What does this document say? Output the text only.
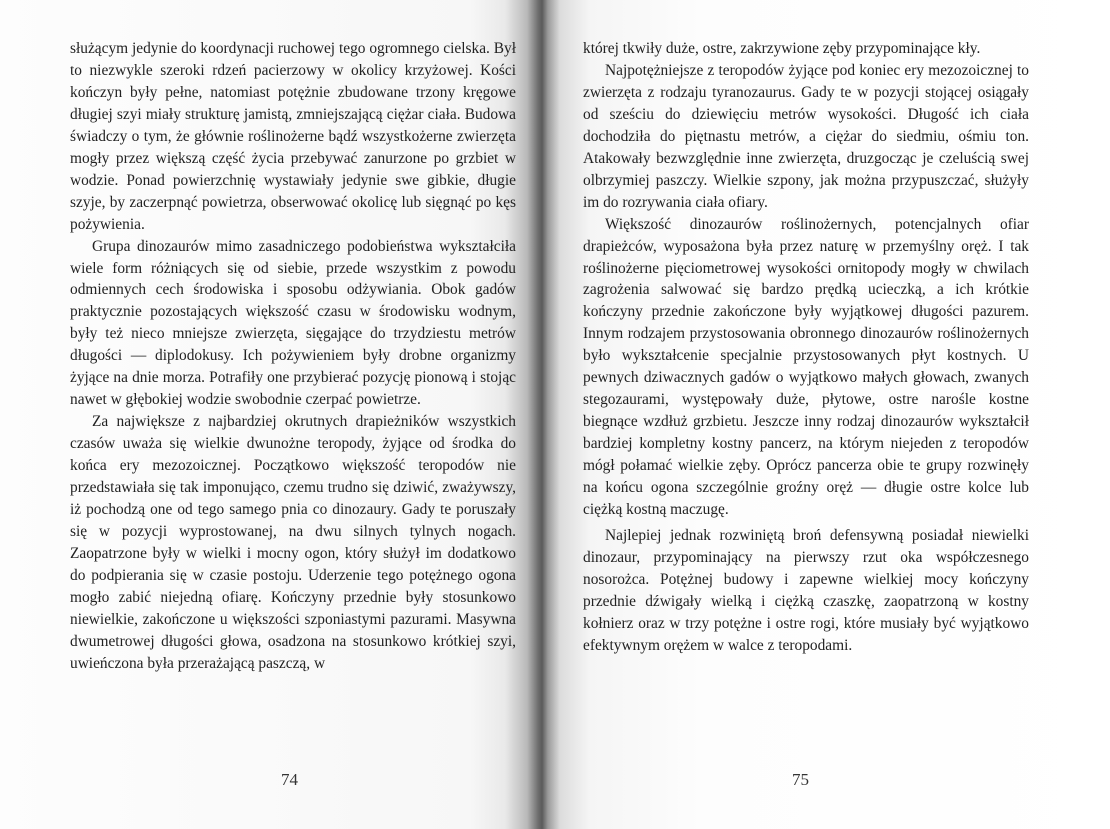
służącym jedynie do koordynacji ruchowej tego ogromnego cielska. Był to niezwykle szeroki rdzeń pacierzowy w okolicy krzyżowej. Kości kończyn były pełne, natomiast potężnie zbudowane trzony kręgowe długiej szyi miały strukturę jamistą, zmniejszającą ciężar ciała. Budowa świadczy o tym, że głównie roślinożerne bądź wszystkożerne zwierzęta mogły przez większą część życia przebywać zanurzone po grzbiet w wodzie. Ponad powierzchnię wystawiały jedynie swe gibkie, długie szyje, by zaczerpnąć powietrza, obserwować okolicę lub sięgnąć po kęs pożywienia.

Grupa dinozaurów mimo zasadniczego podobieństwa wykształciła wiele form różniących się od siebie, przede wszystkim z powodu odmiennych cech środowiska i sposobu odżywiania. Obok gadów praktycznie pozostających większość czasu w środowisku wodnym, były też nieco mniejsze zwierzęta, sięgające do trzydziestu metrów długości — diplodokusy. Ich pożywieniem były drobne organizmy żyjące na dnie morza. Potrafiły one przybierać pozycję pionową i stojąc nawet w głębokiej wodzie swobodnie czerpać powietrze.

Za największe z najbardziej okrutnych drapieżników wszystkich czasów uważa się wielkie dwunożne teropody, żyjące od środka do końca ery mezozoicznej. Początkowo większość teropodów nie przedstawiała się tak imponująco, czemu trudno się dziwić, zważywszy, iż pochodzą one od tego samego pnia co dinozaury. Gady te poruszały się w pozycji wyprostowanej, na dwu silnych tylnych nogach. Zaopatrzone były w wielki i mocny ogon, który służył im dodatkowo do podpierania się w czasie postoju. Uderzenie tego potężnego ogona mogło zabić niejedną ofiarę. Kończyny przednie były stosunkowo niewielkie, zakończone u większości szponiastymi pazurami. Masywna dwumetrowej długości głowa, osadzona na stosunkowo krótkiej szyi, uwieńczona była przerażającą paszczą, w

74

której tkwiły duże, ostre, zakrzywione zęby przypominające kły.

Najpotężniejsze z teropodów żyjące pod koniec ery mezozoicznej to zwierzęta z rodzaju tyranozaurus. Gady te w pozycji stojącej osiągały od sześciu do dziewięciu metrów wysokości. Długość ich ciała dochodziła do piętnastu metrów, a ciężar do siedmiu, ośmiu ton. Atakowały bezwzględnie inne zwierzęta, druzgocząc je czeluścią swej olbrzymiej paszczy. Wielkie szpony, jak można przypuszczać, służyły im do rozrywania ciała ofiary.

Większość dinozaurów roślinożernych, potencjalnych ofiar drapieżców, wyposażona była przez naturę w przemyślny oręż. I tak roślinożerne pięciometrowej wysokości ornitopody mogły w chwilach zagrożenia salwować się bardzo prędką ucieczką, a ich krótkie kończyny przednie zakończone były wyjątkowej długości pazurem. Innym rodzajem przystosowania obronnego dinozaurów roślinożernych było wykształcenie specjalnie przystosowanych płyt kostnych. U pewnych dziwacznych gadów o wyjątkowo małych głowach, zwanych stegozaurami, występowały duże, płytowe, ostre narośle kostne biegnące wzdłuż grzbietu. Jeszcze inny rodzaj dinozaurów wykształcił bardziej kompletny kostny pancerz, na którym niejeden z teropodów mógł połamać wielkie zęby. Oprócz pancerza obie te grupy rozwinęły na końcu ogona szczególnie groźny oręż — długie ostre kolce lub ciężką kostną maczugę.

Najlepiej jednak rozwiniętą broń defensywną posiadał niewielki dinozaur, przypominający na pierwszy rzut oka współczesnego nosorożca. Potężnej budowy i zapewne wielkiej mocy kończyny przednie dźwigały wielką i ciężką czaszkę, zaopatrzoną w kostny kołnierz oraz w trzy potężne i ostre rogi, które musiały być wyjątkowo efektywnym orężem w walce z teropodami.

75
